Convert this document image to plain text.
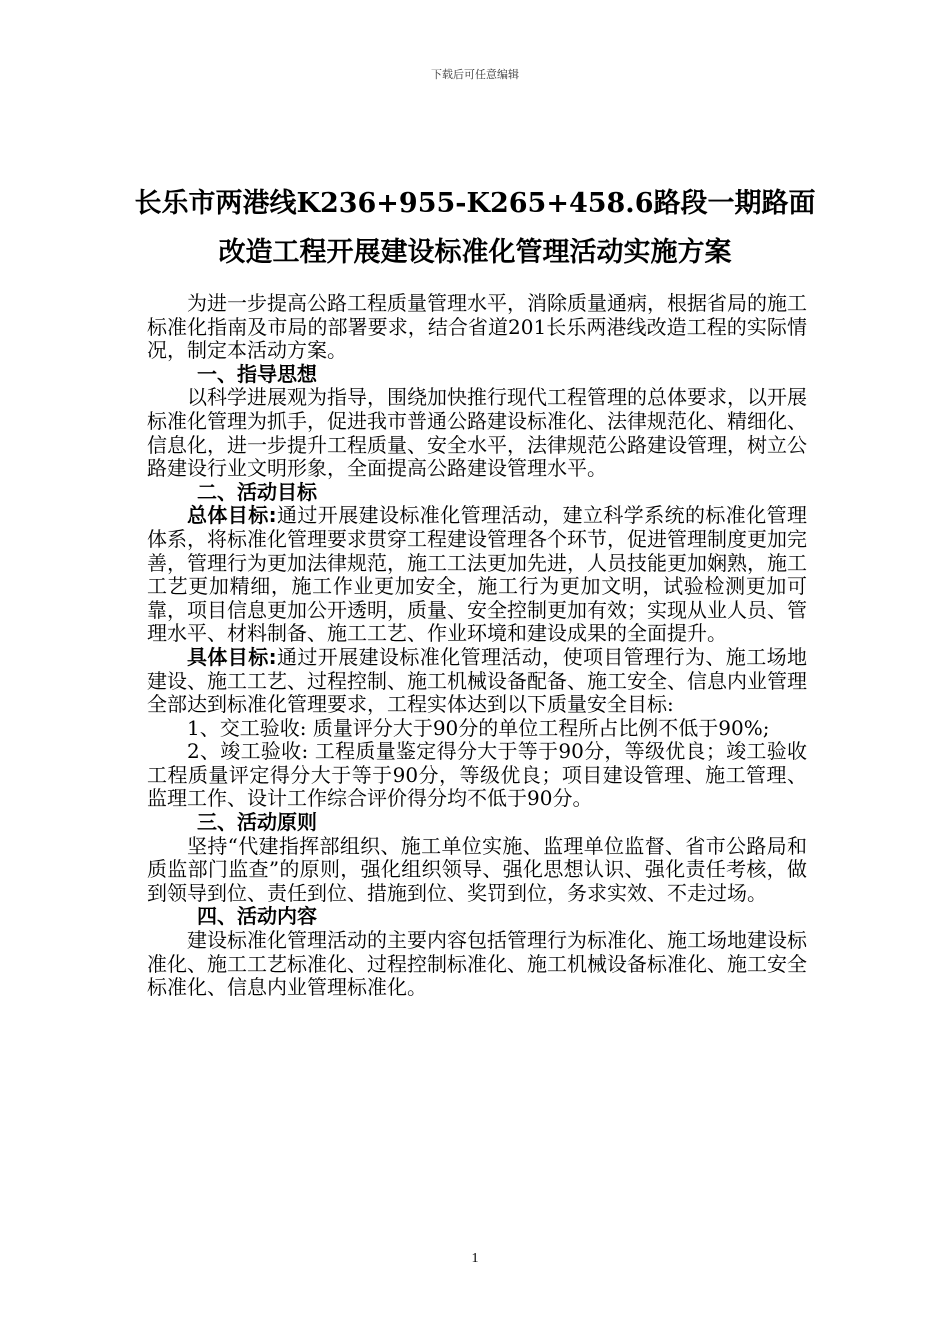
下载后可任意编辑
长乐市两港线K236+955-K265+458.6路段一期路面
改造工程开展建设标准化管理活动实施方案

为进一步提高公路工程质量管理水平，消除质量通病，根据省局的施工标准化指南及市局的部署要求，结合省道201长乐两港线改造工程的实际情况，制定本活动方案。

一、指导思想

以科学进展观为指导，围绕加快推行现代工程管理的总体要求，以开展标准化管理为抓手，促进我市普通公路建设标准化、法律规范化、精细化、信息化，进一步提升工程质量、安全水平，法律规范公路建设管理，树立公路建设行业文明形象，全面提高公路建设管理水平。

二、活动目标

总体目标:通过开展建设标准化管理活动，建立科学系统的标准化管理体系，将标准化管理要求贯穿工程建设管理各个环节，促进管理制度更加完善，管理行为更加法律规范，施工工法更加先进，人员技能更加娴熟，施工工艺更加精细，施工作业更加安全，施工行为更加文明，试验检测更加可靠，项目信息更加公开透明，质量、安全控制更加有效；实现从业人员、管理水平、材料制备、施工工艺、作业环境和建设成果的全面提升。

具体目标:通过开展建设标准化管理活动，使项目管理行为、施工场地建设、施工工艺、过程控制、施工机械设备配备、施工安全、信息内业管理全部达到标准化管理要求，工程实体达到以下质量安全目标:

1、交工验收: 质量评分大于90分的单位工程所占比例不低于90%;

2、竣工验收: 工程质量鉴定得分大于等于90分，等级优良；竣工验收工程质量评定得分大于等于90分，等级优良；项目建设管理、施工管理、监理工作、设计工作综合评价得分均不低于90分。

三、活动原则

坚持“代建指挥部组织、施工单位实施、监理单位监督、省市公路局和质监部门监查”的原则，强化组织领导、强化思想认识、强化责任考核，做到领导到位、责任到位、措施到位、奖罚到位，务求实效、不走过场。

四、活动内容

建设标准化管理活动的主要内容包括管理行为标准化、施工场地建设标准化、施工工艺标准化、过程控制标准化、施工机械设备标准化、施工安全标准化、信息内业管理标准化。

1
